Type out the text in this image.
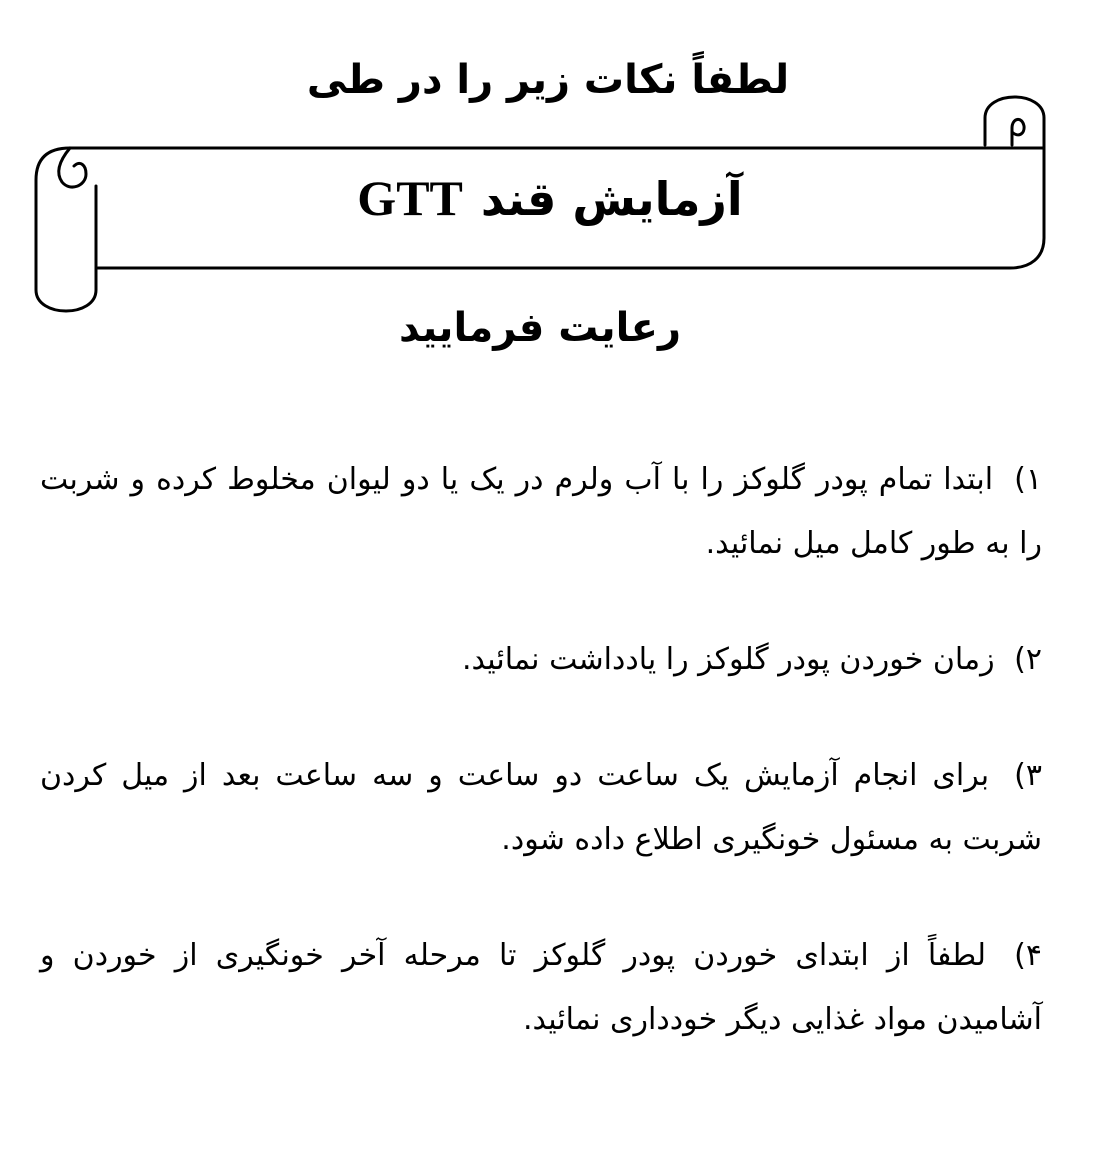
لطفاً نکات زیر را در طی
آزمایش قندGTT
رعایت فرمایید

۱) ابتدا تمام پودر گلوکز را با آب ولرم در یک یا دو لیوان مخلوط کرده و شربت را به طور کامل میل نمائید.

۲) زمان خوردن پودر گلوکز را یادداشت نمائید.

۳) برای انجام آزمایش یک ساعت دو ساعت و سه ساعت بعد از میل کردن شربت به مسئول خونگیری اطلاع داده شود.

۴) لطفاً از ابتدای خوردن پودر گلوکز تا مرحله آخر خونگیری از خوردن و آشامیدن مواد غذایی دیگر خودداری نمائید.
